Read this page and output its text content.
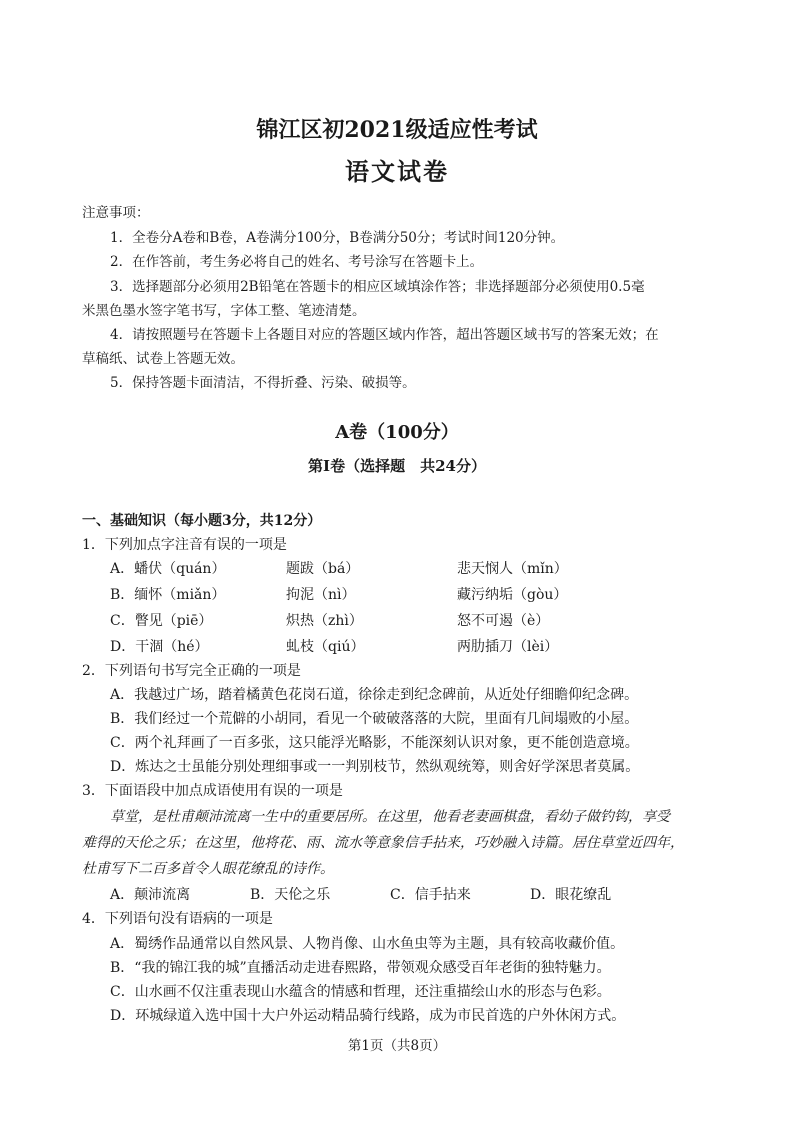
锦江区初2021级适应性考试
语文试卷
注意事项：
1．全卷分A卷和B卷，A卷满分100分，B卷满分50分；考试时间120分钟。
2．在作答前，考生务必将自己的姓名、考号涂写在答题卡上。
3．选择题部分必须用2B铅笔在答题卡的相应区域填涂作答；非选择题部分必须使用0.5毫
米黑色墨水签字笔书写，字体工整、笔迹清楚。
4．请按照题号在答题卡上各题目对应的答题区域内作答，超出答题区域书写的答案无效；在
草稿纸、试卷上答题无效。
5．保持答题卡面清洁，不得折叠、污染、破损等。
A卷（100分）
第Ⅰ卷（选择题　共24分）
一、基础知识（每小题3分，共12分）
1．下列加点字注音有误的一项是
A．蟠伏（quán）	题跋（bá）	悲天悯人（mǐn）
B．缅怀（miǎn）	拘泥（nì）	藏污纳垢（gòu）
C．瞥见（piē）	炽热（zhì）	怒不可遏（è）
D．干涸（hé）	虬枝（qiú）	两肋插刀（lèi）
2．下列语句书写完全正确的一项是
A．我越过广场，踏着橘黄色花岗石道，徐徐走到纪念碑前，从近处仔细瞻仰纪念碑。
B．我们经过一个荒僻的小胡同，看见一个破破落落的大院，里面有几间塌败的小屋。
C．两个礼拜画了一百多张，这只能浮光略影，不能深刻认识对象，更不能创造意境。
D．炼达之士虽能分别处理细事或一一判别枝节，然纵观统筹，则舍好学深思者莫属。
3．下面语段中加点成语使用有误的一项是
草堂，是杜甫颠沛流离一生中的重要居所。在这里，他看老妻画棋盘，看幼子做钓钩，享受
难得的天伦之乐；在这里，他将花、雨、流水等意象信手拈来，巧妙融入诗篇。居住草堂近四年，
杜甫写下二百多首令人眼花缭乱的诗作。
A．颠沛流离	B．天伦之乐	C．信手拈来	D．眼花缭乱
4．下列语句没有语病的一项是
A．蜀绣作品通常以自然风景、人物肖像、山水鱼虫等为主题，具有较高收藏价值。
B．“我的锦江我的城”直播活动走进春熙路，带领观众感受百年老街的独特魅力。
C．山水画不仅注重表现山水蕴含的情感和哲理，还注重描绘山水的形态与色彩。
D．环城绿道入选中国十大户外运动精品骑行线路，成为市民首选的户外休闲方式。
第1页（共8页）
